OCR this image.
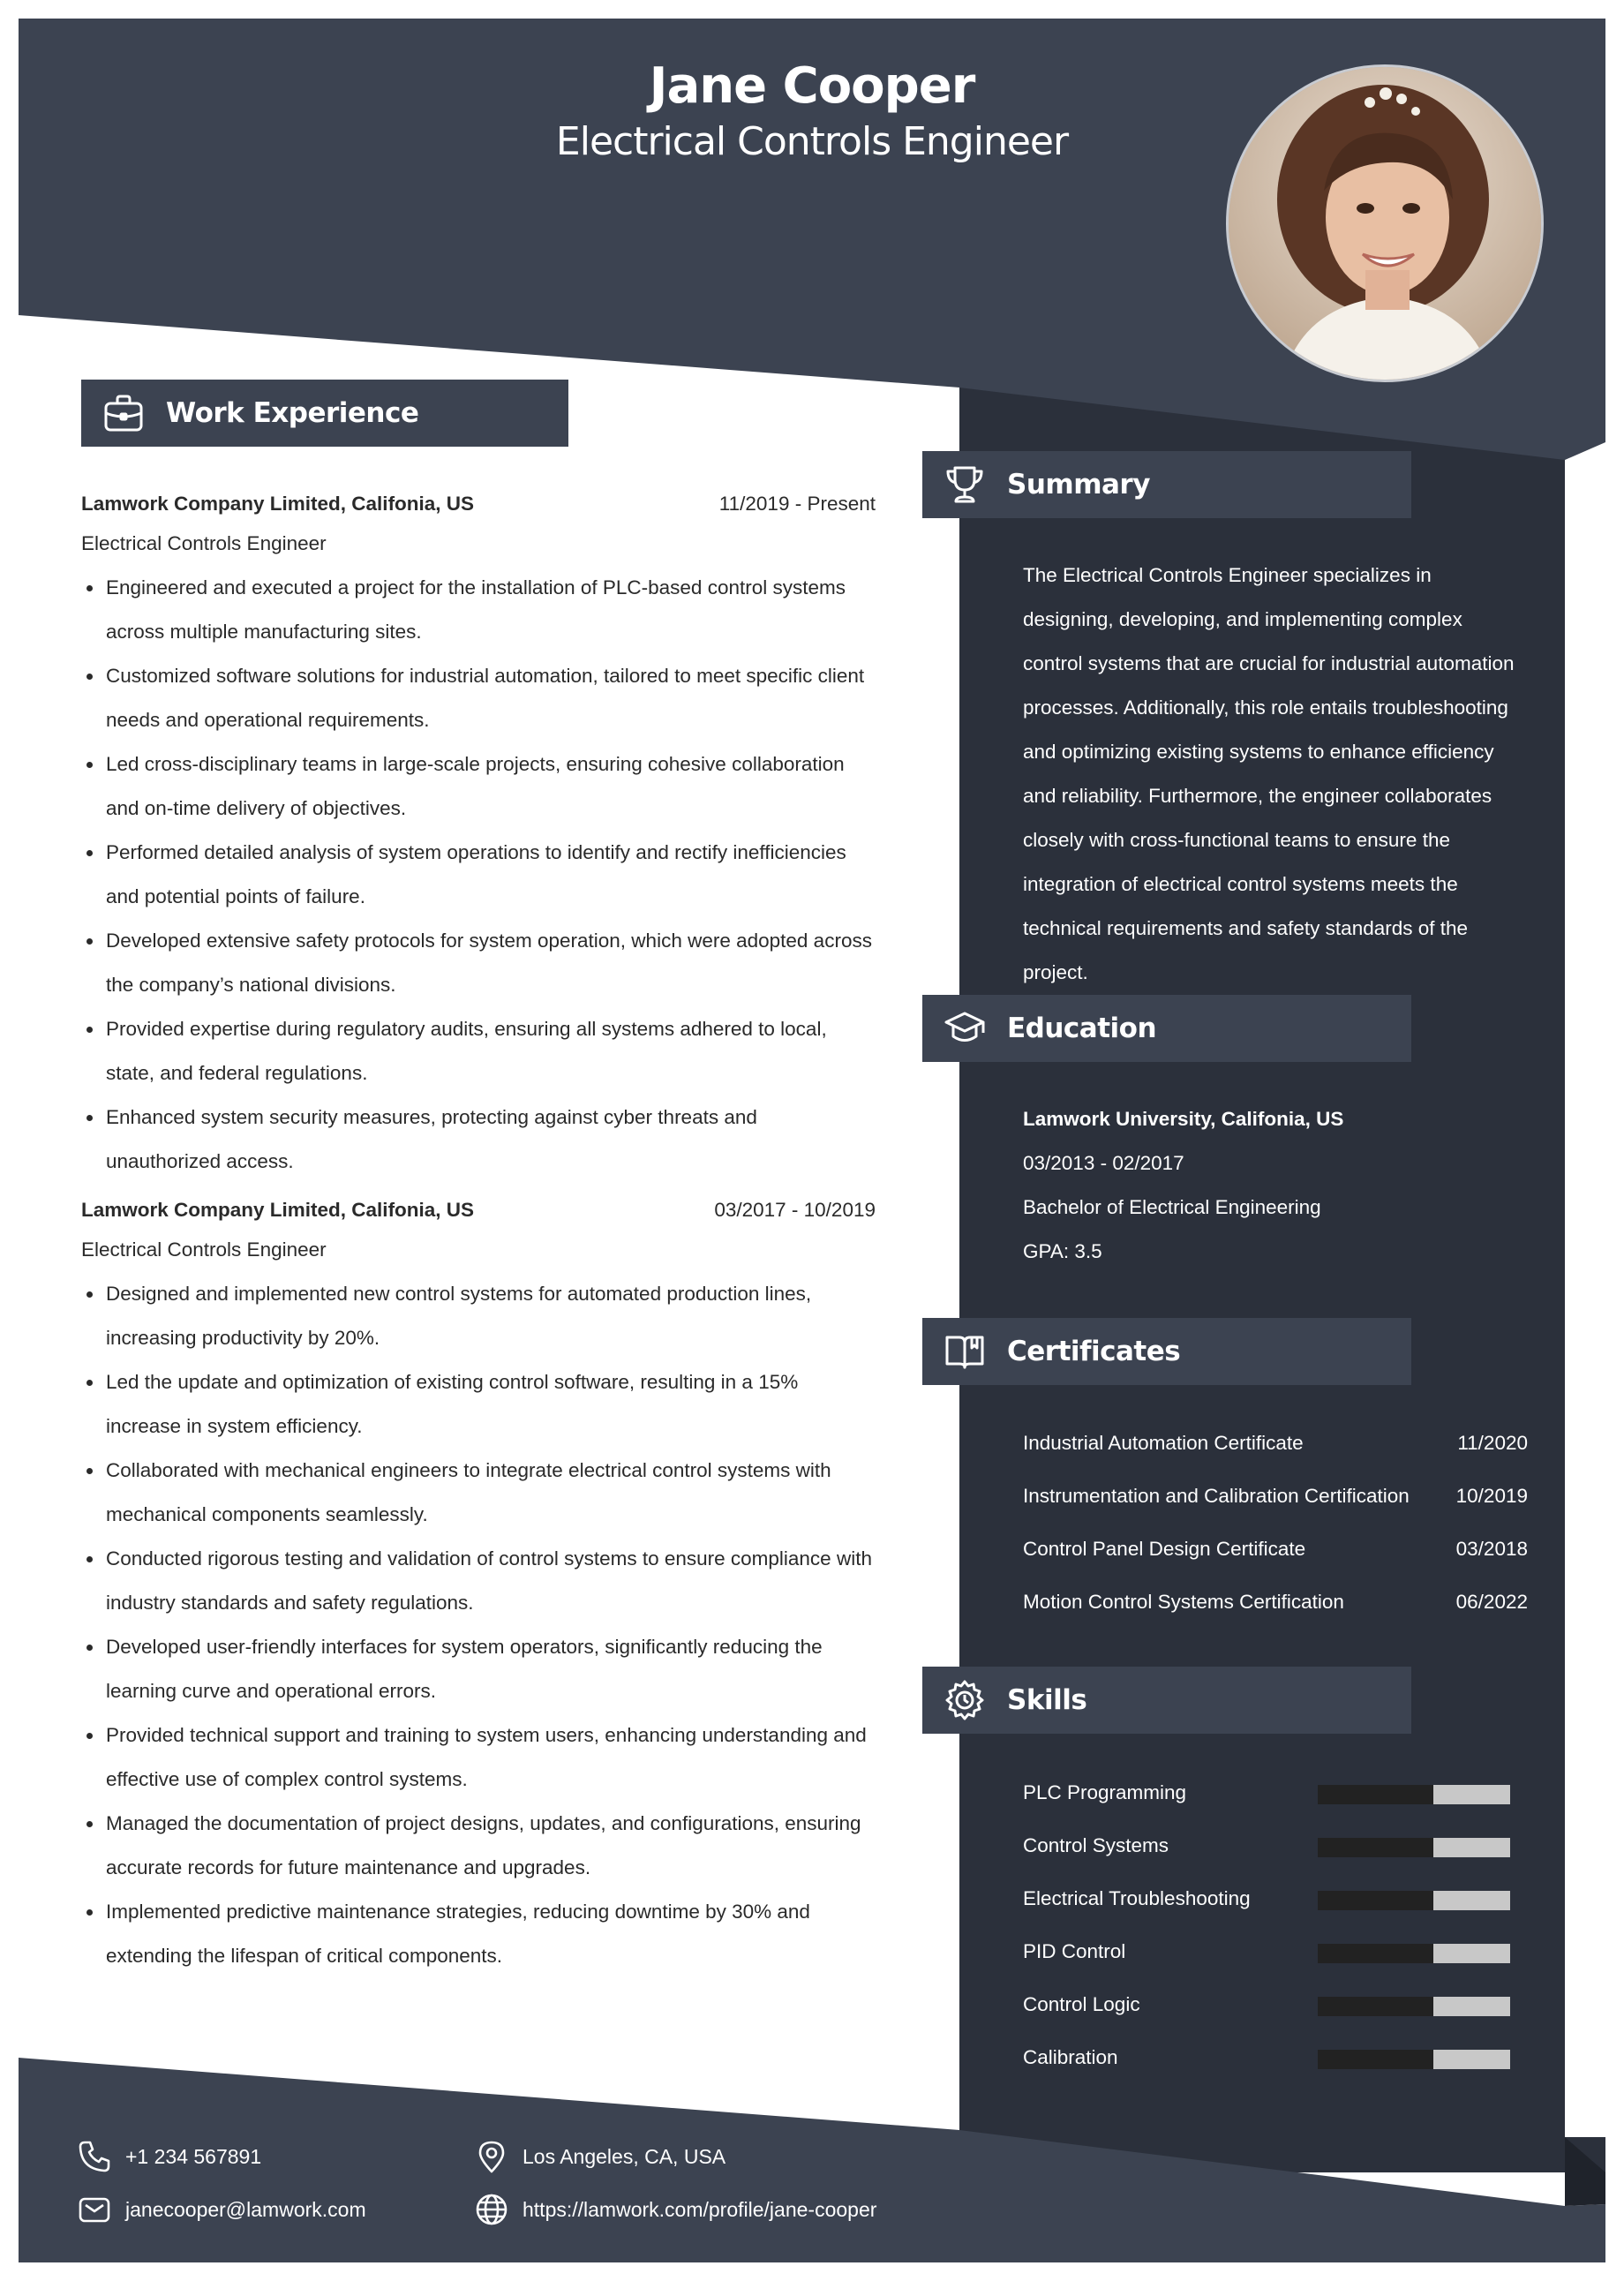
Jane Cooper
Electrical Controls Engineer
Work Experience
Lamwork Company Limited, Califonia, US	11/2019 - Present
Electrical Controls Engineer
Engineered and executed a project for the installation of PLC-based control systems across multiple manufacturing sites.
Customized software solutions for industrial automation, tailored to meet specific client needs and operational requirements.
Led cross-disciplinary teams in large-scale projects, ensuring cohesive collaboration and on-time delivery of objectives.
Performed detailed analysis of system operations to identify and rectify inefficiencies and potential points of failure.
Developed extensive safety protocols for system operation, which were adopted across the company’s national divisions.
Provided expertise during regulatory audits, ensuring all systems adhered to local, state, and federal regulations.
Enhanced system security measures, protecting against cyber threats and unauthorized access.
Lamwork Company Limited, Califonia, US	03/2017 - 10/2019
Electrical Controls Engineer
Designed and implemented new control systems for automated production lines, increasing productivity by 20%.
Led the update and optimization of existing control software, resulting in a 15% increase in system efficiency.
Collaborated with mechanical engineers to integrate electrical control systems with mechanical components seamlessly.
Conducted rigorous testing and validation of control systems to ensure compliance with industry standards and safety regulations.
Developed user-friendly interfaces for system operators, significantly reducing the learning curve and operational errors.
Provided technical support and training to system users, enhancing understanding and effective use of complex control systems.
Managed the documentation of project designs, updates, and configurations, ensuring accurate records for future maintenance and upgrades.
Implemented predictive maintenance strategies, reducing downtime by 30% and extending the lifespan of critical components.
Summary
The Electrical Controls Engineer specializes in designing, developing, and implementing complex control systems that are crucial for industrial automation processes. Additionally, this role entails troubleshooting and optimizing existing systems to enhance efficiency and reliability. Furthermore, the engineer collaborates closely with cross-functional teams to ensure the integration of electrical control systems meets the technical requirements and safety standards of the project.
Education
Lamwork University, Califonia, US
03/2013 - 02/2017
Bachelor of Electrical Engineering
GPA: 3.5
Certificates
Industrial Automation Certificate	11/2020
Instrumentation and Calibration Certification 10/2019
Control Panel Design Certificate	03/2018
Motion Control Systems Certification	06/2022
Skills
PLC Programming
Control Systems
Electrical Troubleshooting
PID Control
Control Logic
Calibration
+1 234 567891	Los Angeles, CA, USA
janecooper@lamwork.com	https://lamwork.com/profile/jane-cooper
